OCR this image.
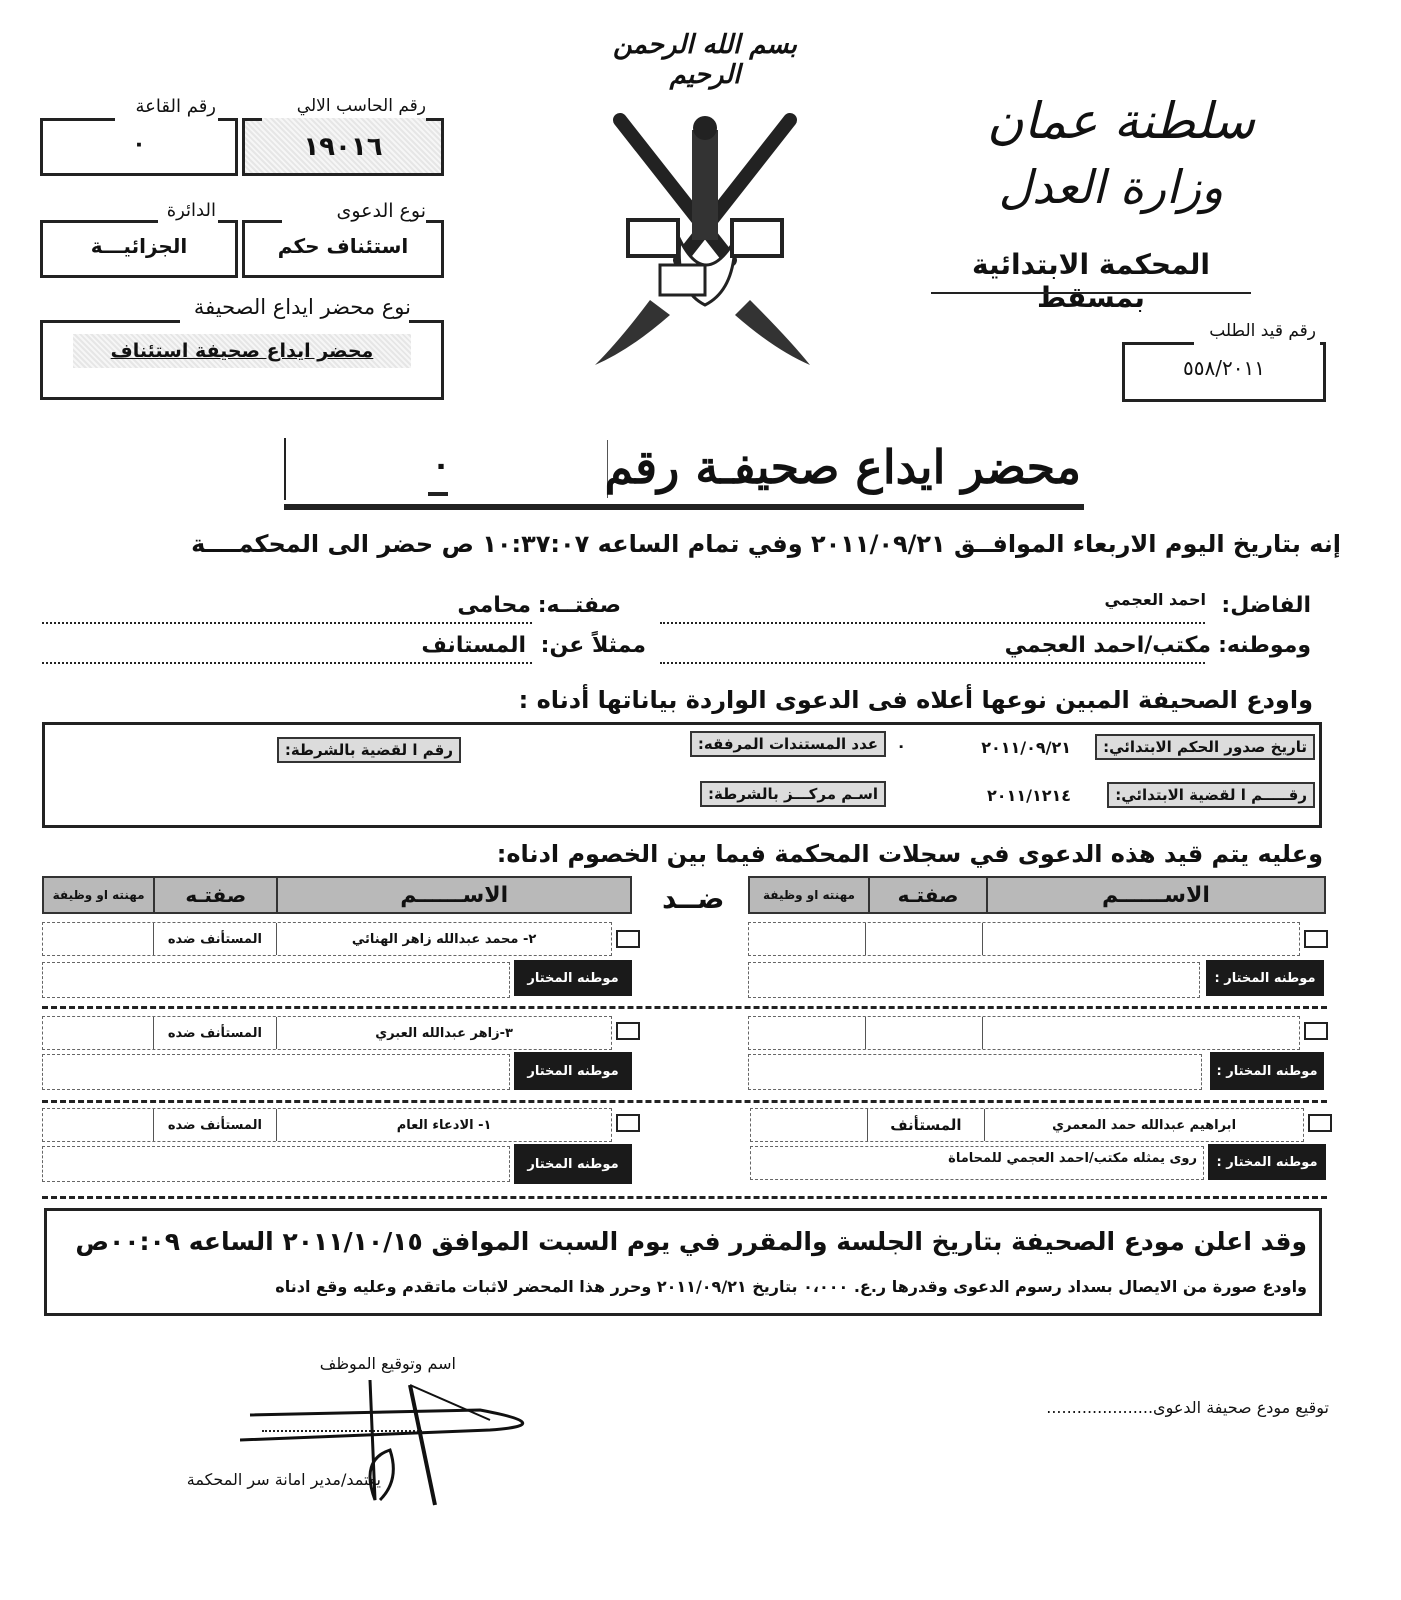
رقم الحاسب الالي
١٩٠١٦
رقم القاعة
٠
نوع الدعوى
استئناف حكم
الدائرة
الجزائيـــة
نوع محضر ايداع الصحيفة
محضر ايداع صحيفة استئناف
بسم الله الرحمن الرحيم
سلطنة عمان
وزارة العدل
المحكمة الابتدائية بمسقط
رقم قيد الطلب
٥٥٨/٢٠١١
محضر ايداع صحيفـة رقم
٠
إنه بتاريخ اليوم الاربعاء الموافــق ٢٠١١/٠٩/٢١ وفي تمام الساعه ١٠:٣٧:٠٧ ص حضر الى المحكمــــة
الفاضل:
احمد العجمي
صفتــه:
محامى
وموطنه:
مكتب/احمد العجمي
ممثلاً عن:
المستانف
واودع الصحيفة المبين نوعها أعلاه فى الدعوى الواردة بياناتها أدناه :
تاريخ صدور الحكم الابتدائي:
٢٠١١/٠٩/٢١
عدد المستندات المرفقه:	٠
رقم ا لقضية بالشرطة:
رقـــــم ا لقضية الابتدائي:
٢٠١١/١٢١٤
اسـم مركـــز بالشرطة:
وعليه يتم قيد هذه الدعوى في سجلات المحكمة فيما بين الخصوم ادناه:
ضــد	الاســــــم
صفتـه
مهنته او وظيفة
الاســــــم
صفتـه
مهنته او وظيفة
موطنه المختار :
٢- محمد عبدالله زاهر الهنائي
المستأنف ضده
موطنه المختار
موطنه المختار :
٣-زاهر عبدالله العبري
المستأنف ضده
موطنه المختار
ابراهيم عبدالله حمد المعمري
المستأنف
موطنه المختار :
روى يمثله مكتب/احمد العجمي للمحاماة
١- الادعاء العام
المستأنف ضده
موطنه المختار
وقد اعلن مودع الصحيفة بتاريخ الجلسة والمقرر في يوم السبت الموافق ٢٠١١/١٠/١٥ الساعه ٠٠:٠٩ص
واودع صورة من الايصال بسداد رسوم الدعوى وقدرها ر.ع. ٠،٠٠٠ بتاريخ ٢٠١١/٠٩/٢١ وحرر هذا المحضر لاثبات ماتقدم وعليه وقع ادناه
اسم وتوقيع الموظف
يعتمد/مدير امانة سر المحكمة
توقيع مودع صحيفة الدعوى.....................
